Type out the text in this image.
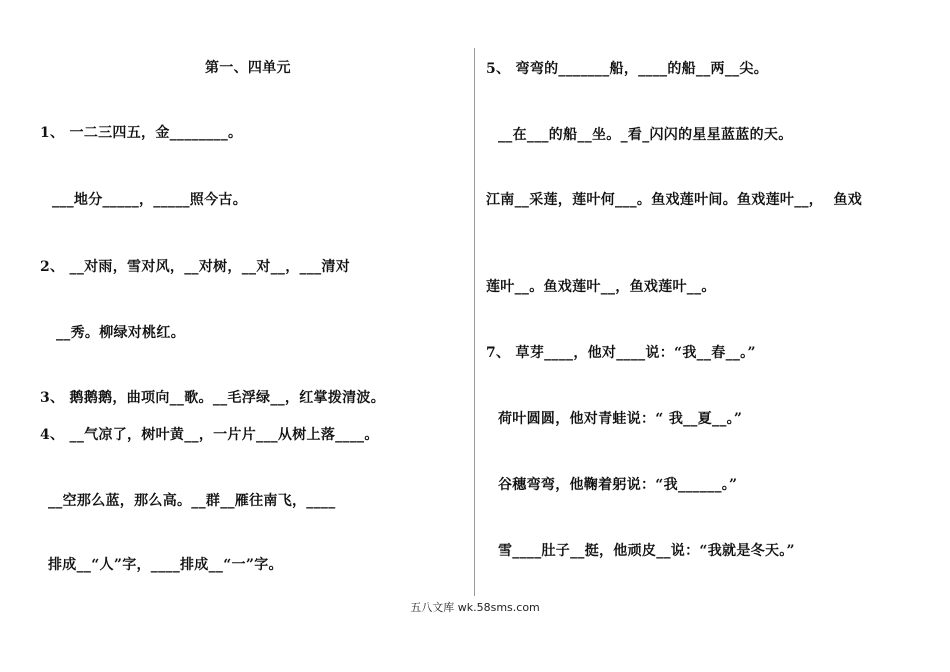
第一、四单元
1、 一二三四五，金________。
___地分_____，_____照今古。
2、 __对雨，雪对风，__对树，__对__，___清对
__秀。柳绿对桃红。
3、 鹅鹅鹅，曲项向__歌。__毛浮绿__，红掌拨清波。
4、 __气凉了，树叶黄__，一片片___从树上落____。
__空那么蓝，那么高。__群__雁往南飞，____
排成__“人”字，____排成__“一”字。
5、 弯弯的_______船，____的船__两__尖。
__在___的船__坐。_看_闪闪的星星蓝蓝的天。
江南__采莲，莲叶何___。鱼戏莲叶间。鱼戏莲叶__，  鱼戏
莲叶__。鱼戏莲叶__，鱼戏莲叶__。
7、 草芽____，他对____说：“我__春__。”
荷叶圆圆，他对青蛙说：“ 我__夏__。”
谷穗弯弯，他鞠着躬说：“我______。”
雪____肚子__挺，他顽皮__说：“我就是冬天。”
五八文库 wk.58sms.com
